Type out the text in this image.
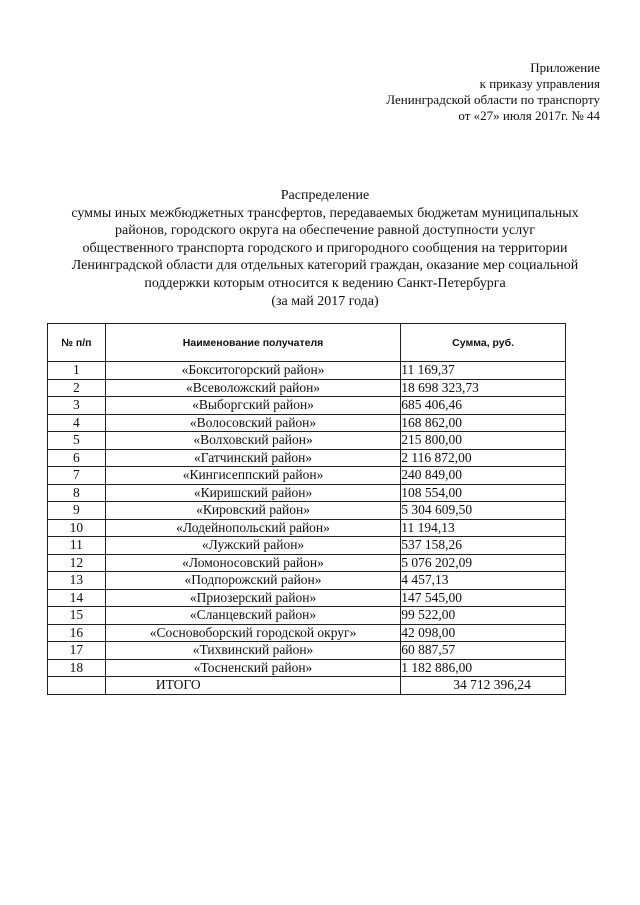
Приложение
к приказу управления
Ленинградской области по транспорту
от «27» июля 2017г. № 44
Распределение
суммы иных межбюджетных трансфертов, передаваемых бюджетам муниципальных
районов, городского округа на обеспечение равной доступности услуг
общественного транспорта городского и пригородного сообщения на территории
Ленинградской области для отдельных категорий граждан, оказание мер социальной
поддержки которым относится к ведению Санкт-Петербурга
(за май 2017 года)
№ п/п	Наименование получателя	Сумма, руб.
1	«Бокситогорский район»	11 169,37
2	«Всеволожский район»	18 698 323,73
3	«Выборгский район»	685 406,46
4	«Волосовский район»	168 862,00
5	«Волховский район»	215 800,00
6	«Гатчинский район»	2 116 872,00
7	«Кингисеппский район»	240 849,00
8	«Киришский район»	108 554,00
9	«Кировский район»	5 304 609,50
10	«Лодейнопольский район»	11 194,13
11	«Лужский район»	537 158,26
12	«Ломоносовский район»	5 076 202,09
13	«Подпорожский район»	4 457,13
14	«Приозерский район»	147 545,00
15	«Сланцевский район»	99 522,00
16	«Сосновоборский городской округ»	42 098,00
17	«Тихвинский район»	60 887,57
18	«Тосненский район»	1 182 886,00
	ИТОГО	34 712 396,24
